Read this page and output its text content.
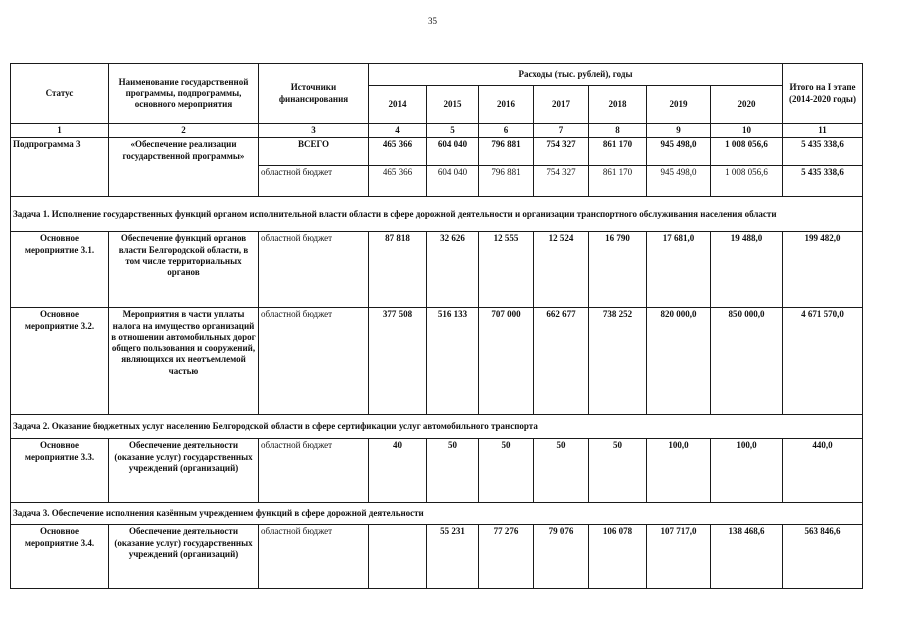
35
Статус	Наименование государственной программы, подпрограммы, основного мероприятия	Источники финансирования	Расходы (тыс. рублей), годы							Итого на I этапе (2014-2020 годы)
			2014	2015	2016	2017	2018	2019	2020	
1	2	3	4	5	6	7	8	9	10	11
Подпрограмма 3	«Обеспечение реализации государственной программы»	ВСЕГО	465 366	604 040	796 881	754 327	861 170	945 498,0	1 008 056,6	5 435 338,6
		областной бюджет	465 366	604 040	796 881	754 327	861 170	945 498,0	1 008 056,6	5 435 338,6
Задача 1. Исполнение государственных функций органом исполнительной власти области в сфере дорожной деятельности и организации транспортного обслуживания населения области										
Основное мероприятие 3.1.	Обеспечение функций органов власти Белгородской области, в том числе территориальных органов	областной бюджет	87 818	32 626	12 555	12 524	16 790	17 681,0	19 488,0	199 482,0
Основное мероприятие 3.2.	Мероприятия в части уплаты налога на имущество организаций в отношении автомобильных дорог общего пользования и сооружений, являющихся их неотъемлемой частью	областной бюджет	377 508	516 133	707 000	662 677	738 252	820 000,0	850 000,0	4 671 570,0
Задача 2. Оказание бюджетных услуг населению Белгородской области в сфере сертификации услуг автомобильного транспорта										
Основное мероприятие 3.3.	Обеспечение деятельности (оказание услуг) государственных учреждений (организаций)	областной бюджет	40	50	50	50	50	100,0	100,0	440,0
Задача 3. Обеспечение исполнения казённым учреждением функций в сфере дорожной деятельности										
Основное мероприятие 3.4.	Обеспечение деятельности (оказание услуг) государственных учреждений (организаций)	областной бюджет		55 231	77 276	79 076	106 078	107 717,0	138 468,6	563 846,6
